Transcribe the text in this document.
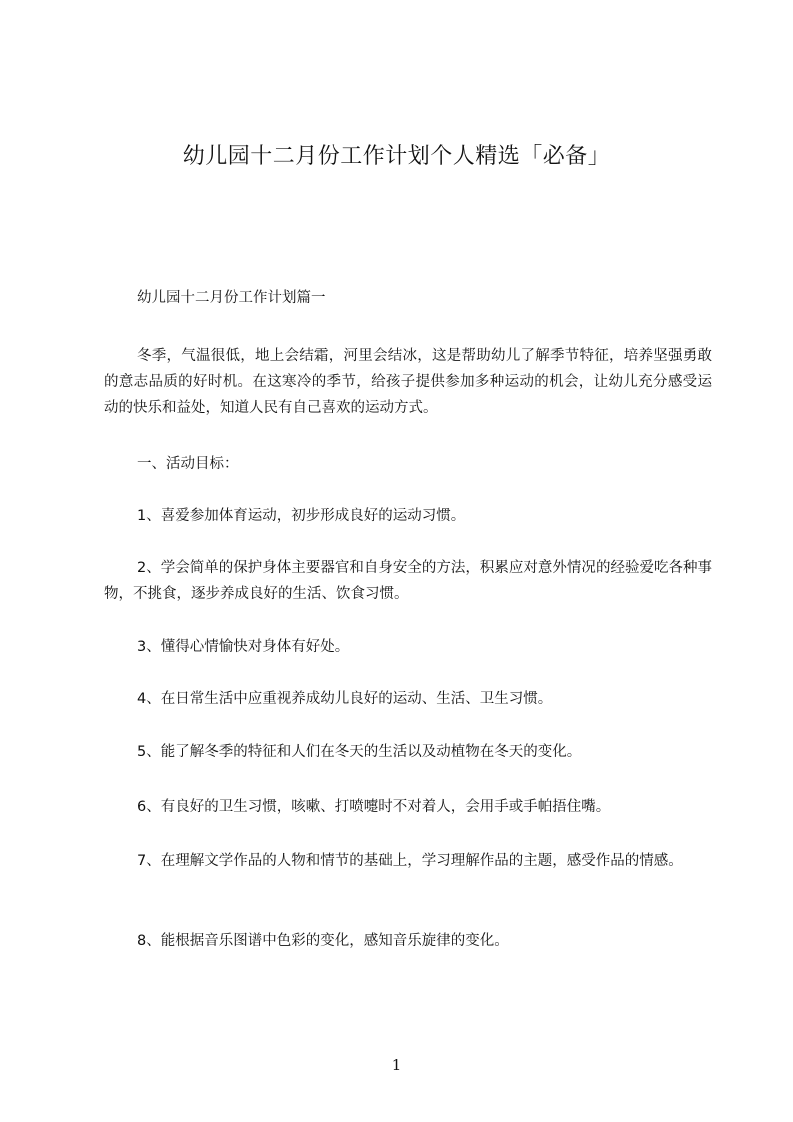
幼儿园十二月份工作计划个人精选「必备」

幼儿园十二月份工作计划篇一

冬季，气温很低，地上会结霜，河里会结冰，这是帮助幼儿了解季节特征，培养坚强勇敢的意志品质的好时机。在这寒冷的季节，给孩子提供参加多种运动的机会，让幼儿充分感受运动的快乐和益处，知道人民有自己喜欢的运动方式。

一、活动目标：

1、喜爱参加体育运动，初步形成良好的运动习惯。

2、学会简单的保护身体主要器官和自身安全的方法，积累应对意外情况的经验爱吃各种事物，不挑食，逐步养成良好的生活、饮食习惯。

3、懂得心情愉快对身体有好处。

4、在日常生活中应重视养成幼儿良好的运动、生活、卫生习惯。

5、能了解冬季的特征和人们在冬天的生活以及动植物在冬天的变化。

6、有良好的卫生习惯，咳嗽、打喷嚏时不对着人，会用手或手帕捂住嘴。

7、在理解文学作品的人物和情节的基础上，学习理解作品的主题，感受作品的情感。

8、能根据音乐图谱中色彩的变化，感知音乐旋律的变化。

1
